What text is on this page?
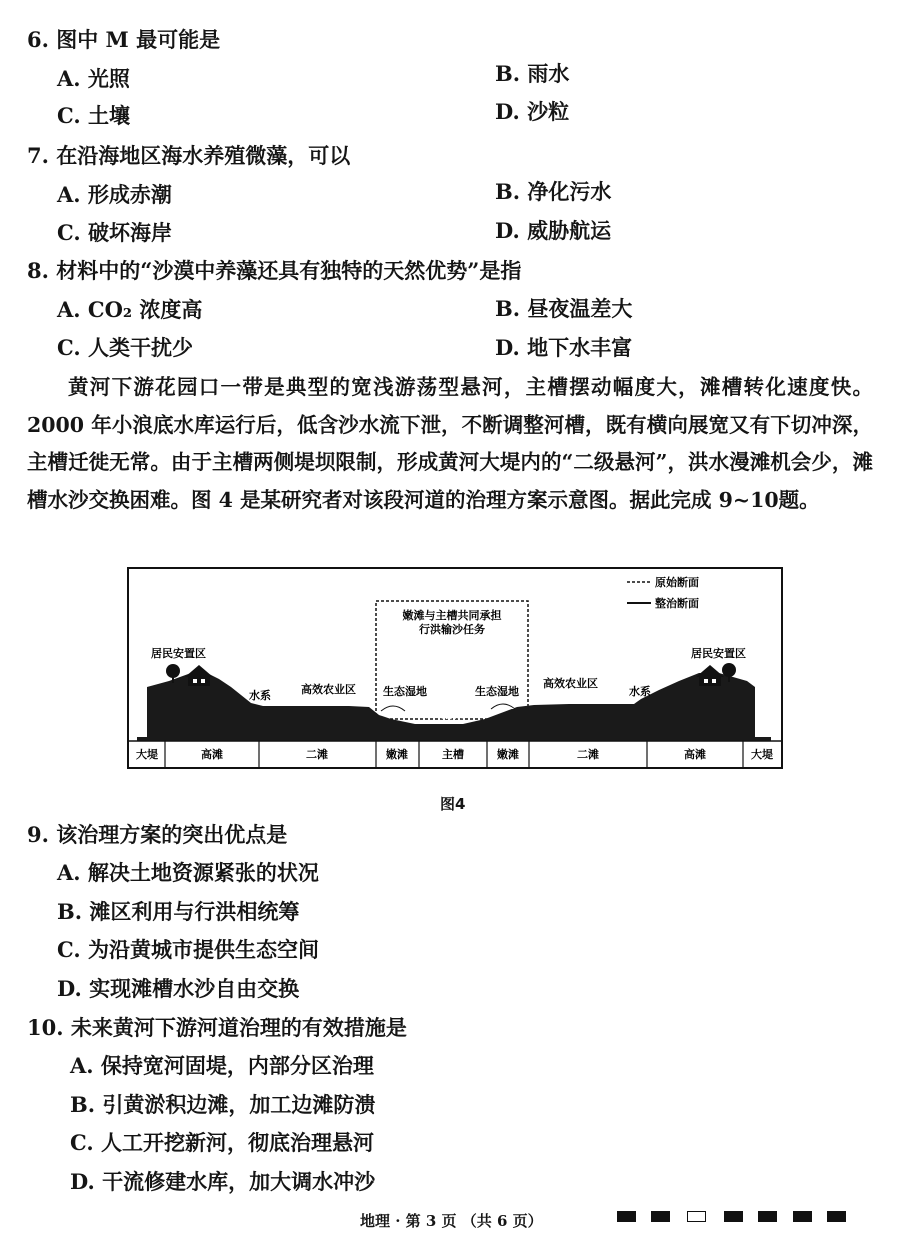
6. 图中 M 最可能是
A. 光照	B. 雨水
C. 土壤	D. 沙粒
7. 在沿海地区海水养殖微藻，可以
A. 形成赤潮	B. 净化污水
C. 破坏海岸	D. 威胁航运
8. 材料中的“沙漠中养藻还具有独特的天然优势”是指
A. CO₂ 浓度高	B. 昼夜温差大
C. 人类干扰少	D. 地下水丰富

黄河下游花园口一带是典型的宽浅游荡型悬河，主槽摆动幅度大，滩槽转化速度快。2000 年小浪底水库运行后，低含沙水流下泄，不断调整河槽，既有横向展宽又有下切冲深，主槽迁徙无常。由于主槽两侧堤坝限制，形成黄河大堤内的“二级悬河”，洪水漫滩机会少，滩槽水沙交换困难。图 4 是某研究者对该段河道的治理方案示意图。据此完成 9~10题。

原始断面
整治断面
嫩滩与主槽共同承担
行洪输沙任务
居民安置区	居民安置区
水系	水系
高效农业区	高效农业区
生态湿地	生态湿地
大堤	高滩	二滩	嫩滩	主槽	嫩滩	二滩	高滩	大堤
图4
9. 该治理方案的突出优点是
A. 解决土地资源紧张的状况
B. 滩区利用与行洪相统筹
C. 为沿黄城市提供生态空间
D. 实现滩槽水沙自由交换
10. 未来黄河下游河道治理的有效措施是
A. 保持宽河固堤，内部分区治理
B. 引黄淤积边滩，加工边滩防溃
C. 人工开挖新河，彻底治理悬河
D. 干流修建水库，加大调水冲沙
地理 · 第 3 页 （共 6 页）
